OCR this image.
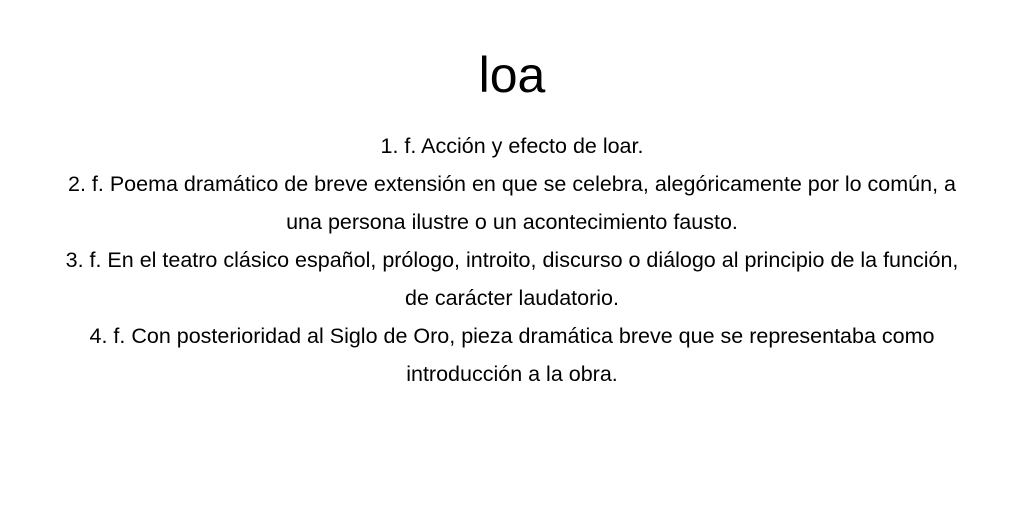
loa
1. f. Acción y efecto de loar.
2. f. Poema dramático de breve extensión en que se celebra, alegóricamente por lo común, a una persona ilustre o un acontecimiento fausto.
3. f. En el teatro clásico español, prólogo, introito, discurso o diálogo al principio de la función, de carácter laudatorio.
4. f. Con posterioridad al Siglo de Oro, pieza dramática breve que se representaba como introducción a la obra.
